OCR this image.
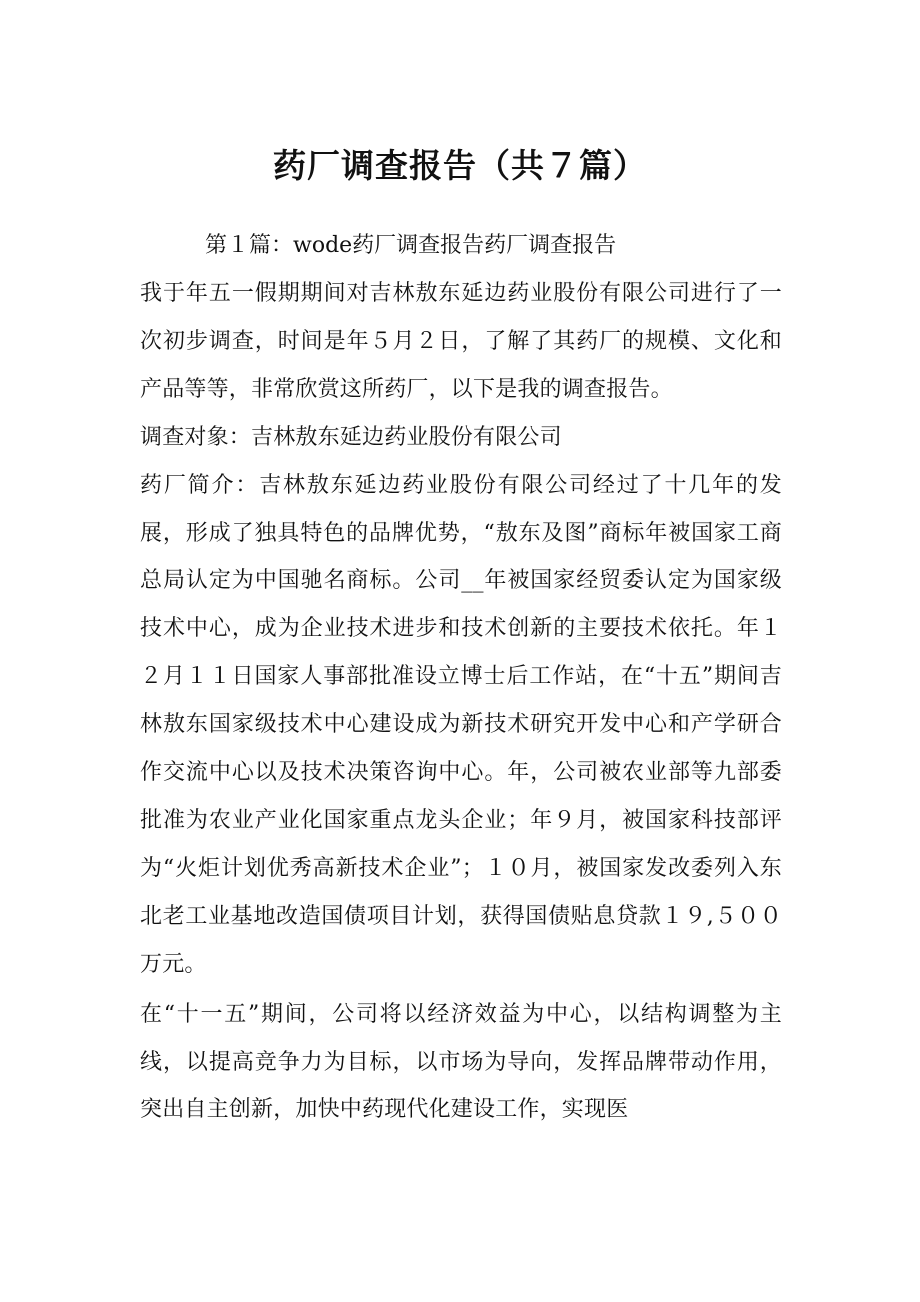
药厂调查报告（共７篇）

第１篇：wode药厂调查报告药厂调查报告

我于年五一假期期间对吉林敖东延边药业股份有限公司进行了一次初步调查，时间是年５月２日，了解了其药厂的规模、文化和产品等等，非常欣赏这所药厂，以下是我的调查报告。

调查对象：吉林敖东延边药业股份有限公司

药厂简介：吉林敖东延边药业股份有限公司经过了十几年的发展，形成了独具特色的品牌优势，“敖东及图”商标年被国家工商总局认定为中国驰名商标。公司__年被国家经贸委认定为国家级技术中心，成为企业技术进步和技术创新的主要技术依托。年１２月１１日国家人事部批准设立博士后工作站，在“十五”期间吉林敖东国家级技术中心建设成为新技术研究开发中心和产学研合作交流中心以及技术决策咨询中心。年，公司被农业部等九部委批准为农业产业化国家重点龙头企业；年９月，被国家科技部评为“火炬计划优秀高新技术企业”；１０月，被国家发改委列入东北老工业基地改造国债项目计划，获得国债贴息贷款１９,５００万元。

在“十一五”期间，公司将以经济效益为中心，以结构调整为主线，以提高竞争力为目标，以市场为导向，发挥品牌带动作用，突出自主创新，加快中药现代化建设工作，实现医
